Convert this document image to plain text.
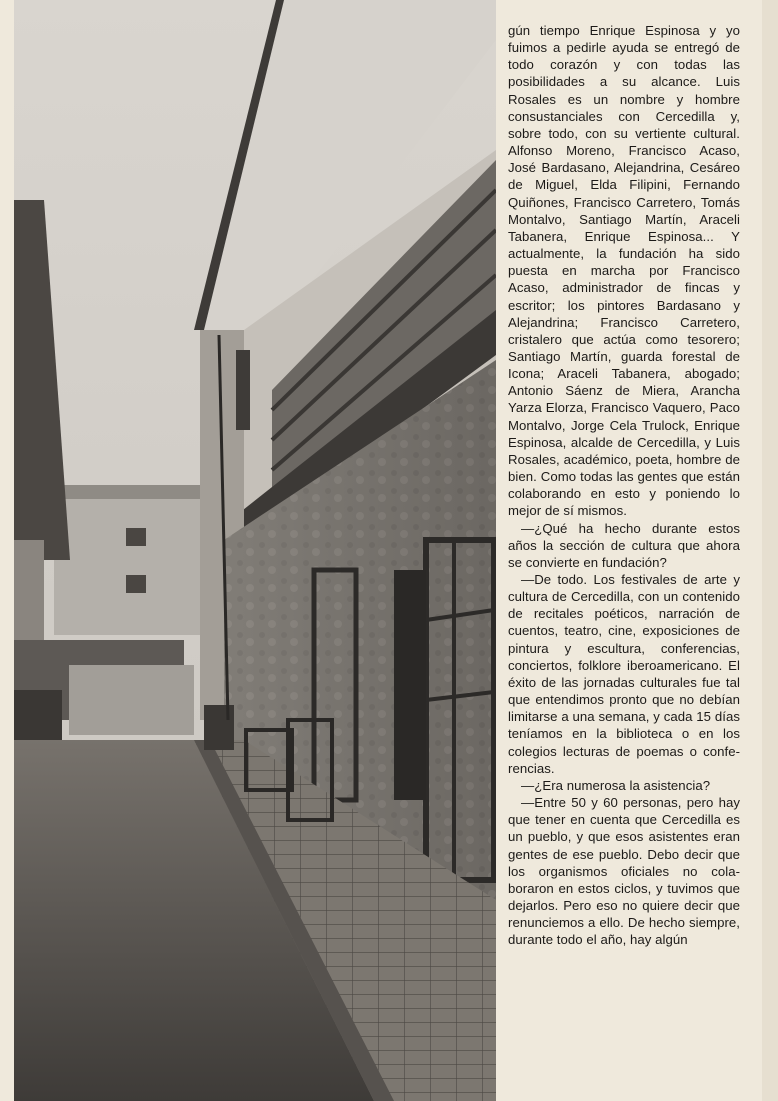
gún tiempo Enrique Espinosa y yo fuimos a pedirle ayuda se entregó de todo corazón y con todas las posibilidades a su alcance. Luis Rosales es un nombre y hombre consustanciales con Cercedilla y, sobre todo, con su vertiente cultural. Alfonso Moreno, Francisco Acaso, José Bardasano, Alejandrina, Cesáreo de Miguel, Elda Filipini, Fernando Quiñones, Francisco Carretero, Tomás Montalvo, Santiago Martín, Araceli Tabanera, Enrique Espinosa... Y actualmente, la fundación ha sido puesta en marcha por Francisco Acaso, administrador de fincas y escritor; los pintores Bardasano y Alejandrina; Francisco Carretero, cristalero que actúa como tesorero; Santiago Martín, guarda forestal de Icona; Araceli Tabanera, abogado; Antonio Sáenz de Miera, Arancha Yarza Elorza, Francisco Vaquero, Paco Montalvo, Jorge Cela Trulock, Enrique Espinosa, alcalde de Cercedilla, y Luis Rosales, académico, poeta, hombre de bien. Como todas las gentes que están colaborando en esto y poniendo lo mejor de sí mismos.

—¿Qué ha hecho durante estos años la sección de cultura que ahora se convierte en fundación?

—De todo. Los festivales de arte y cultura de Cercedilla, con un contenido de recitales poéticos, narración de cuentos, teatro, cine, exposiciones de pintura y escultura, conferencias, conciertos, folklore iberoamericano. El éxito de las jornadas culturales fue tal que entendimos pronto que no debían limitarse a una semana, y cada 15 días teníamos en la biblioteca o en los colegios lecturas de poemas o conferencias.

—¿Era numerosa la asistencia?

—Entre 50 y 60 personas, pero hay que tener en cuenta que Cercedilla es un pueblo, y que esos asistentes eran gentes de ese pueblo. Debo decir que los organismos oficiales no colaboraron en estos ciclos, y tuvimos que dejarlos. Pero eso no quiere decir que renunciemos a ello. De hecho siempre, durante todo el año, hay algún
